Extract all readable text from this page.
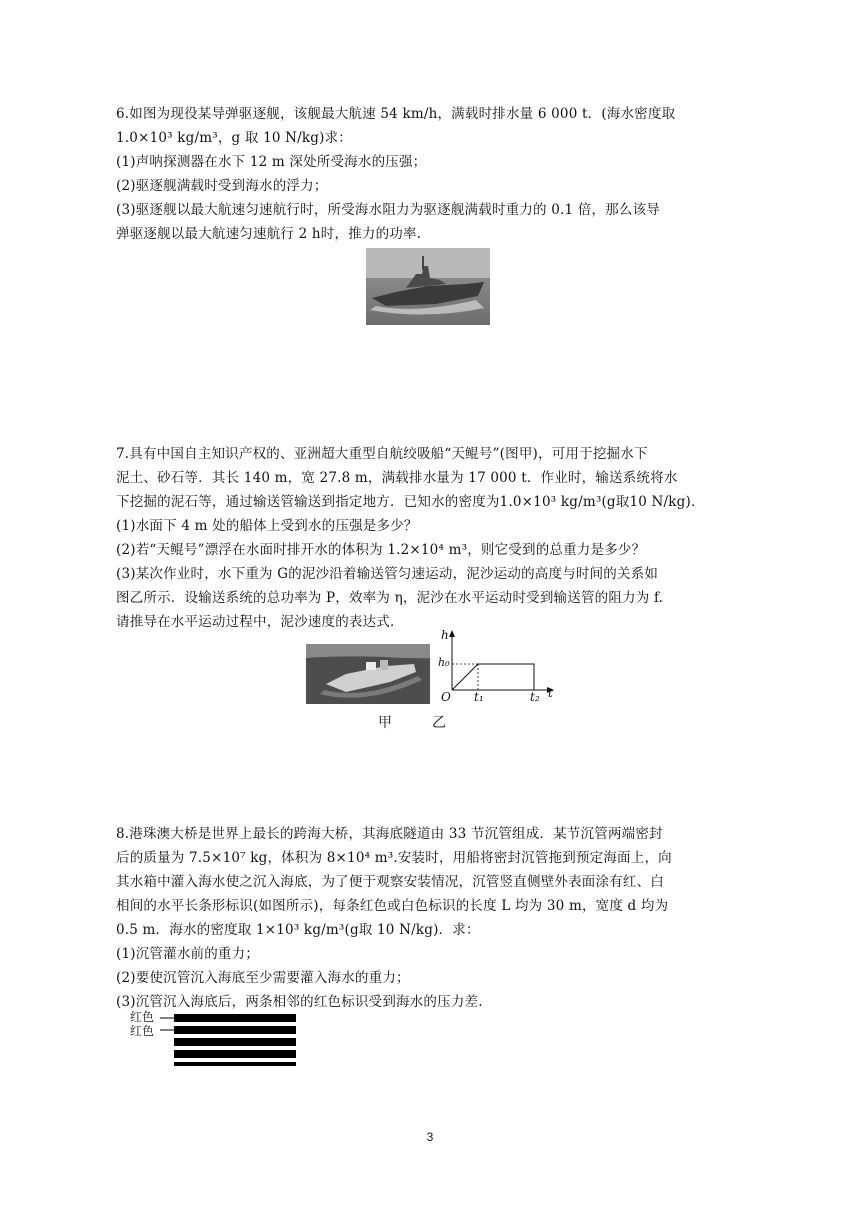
6.如图为现役某导弹驱逐舰，该舰最大航速 54 km/h，满载时排水量 6 000 t．(海水密度取
1.0×10³ kg/m³，g 取 10 N/kg)求：
(1)声呐探测器在水下 12 m 深处所受海水的压强；
(2)驱逐舰满载时受到海水的浮力；
(3)驱逐舰以最大航速匀速航行时，所受海水阻力为驱逐舰满载时重力的 0.1 倍，那么该导
弹驱逐舰以最大航速匀速航行 2 h时，推力的功率.
7.具有中国自主知识产权的、亚洲超大重型自航绞吸船“天鲲号”(图甲)，可用于挖掘水下
泥土、砂石等．其长 140 m，宽 27.8 m，满载排水量为 17 000 t．作业时，输送系统将水
下挖掘的泥石等，通过输送管输送到指定地方．已知水的密度为1.0×10³ kg/m³(g取10 N/kg)．
(1)水面下 4 m 处的船体上受到水的压强是多少？
(2)若“天鲲号”漂浮在水面时排开水的体积为 1.2×10⁴ m³，则它受到的总重力是多少？
(3)某次作业时，水下重为 G的泥沙沿着输送管匀速运动，泥沙运动的高度与时间的关系如
图乙所示．设输送系统的总功率为 P，效率为 η，泥沙在水平运动时受到输送管的阻力为 f.
请推导在水平运动过程中，泥沙速度的表达式．
h
h₀
O t₁	t₂ t
甲	乙
8.港珠澳大桥是世界上最长的跨海大桥，其海底隧道由 33 节沉管组成．某节沉管两端密封
后的质量为 7.5×10⁷ kg，体积为 8×10⁴ m³.安装时，用船将密封沉管拖到预定海面上，向
其水箱中灌入海水使之沉入海底，为了便于观察安装情况，沉管竖直侧壁外表面涂有红、白
相间的水平长条形标识(如图所示)，每条红色或白色标识的长度 L 均为 30 m，宽度 d 均为
0.5 m．海水的密度取 1×10³ kg/m³(g取 10 N/kg)．求：
(1)沉管灌水前的重力；
(2)要使沉管沉入海底至少需要灌入海水的重力；
(3)沉管沉入海底后，两条相邻的红色标识受到海水的压力差.
红色
红色
3
